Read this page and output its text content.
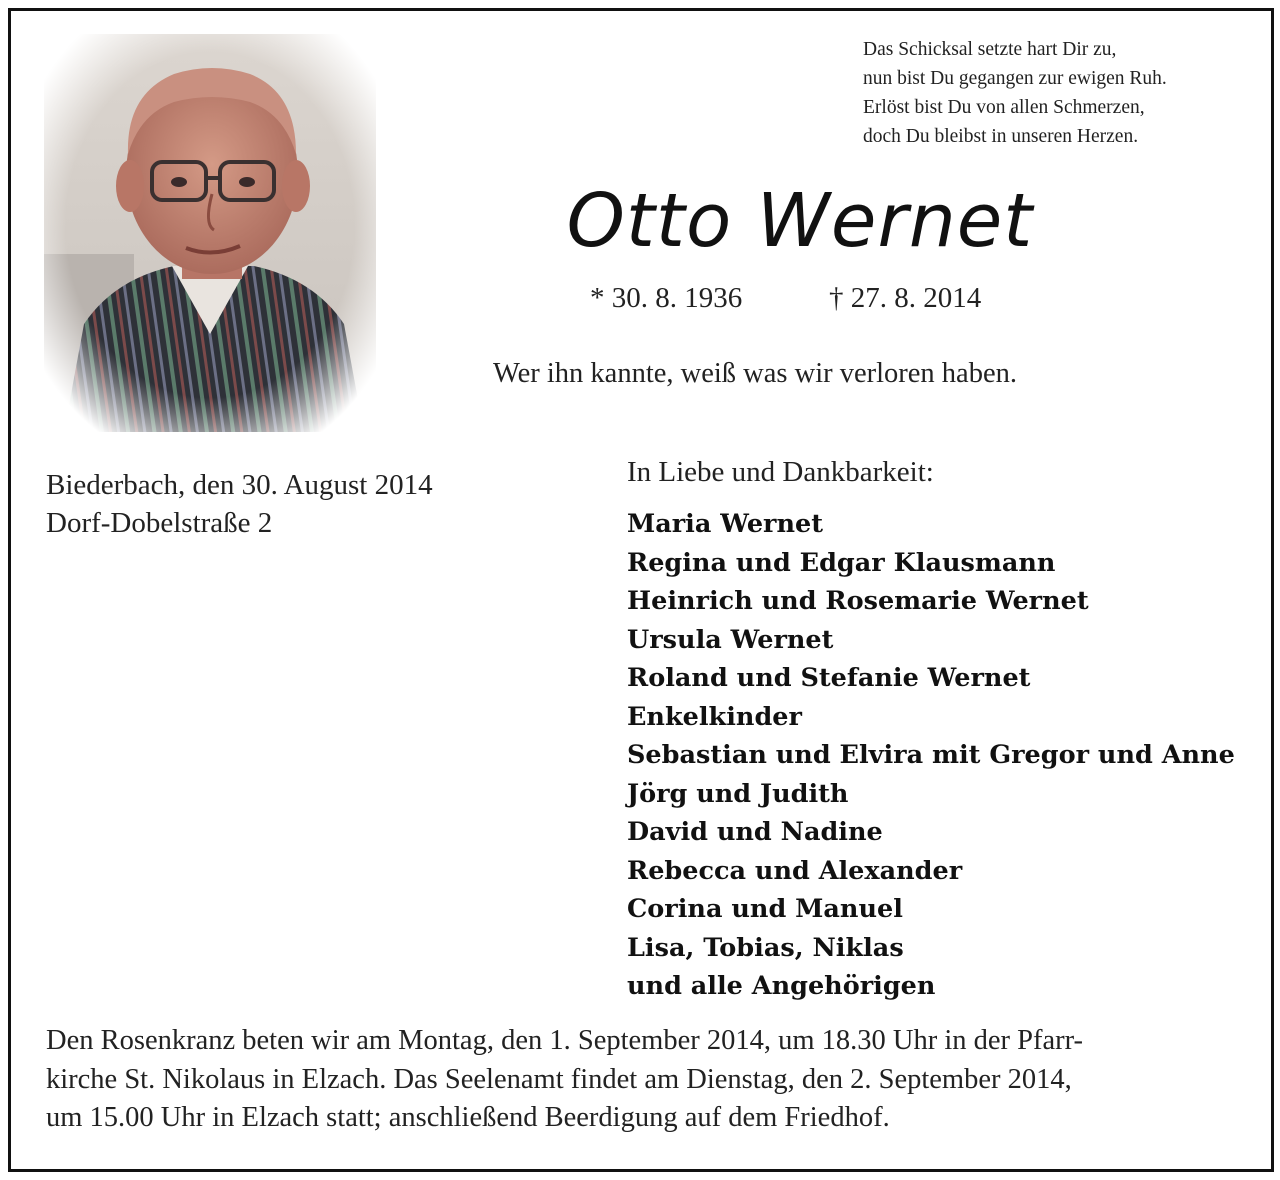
Das Schicksal setzte hart Dir zu,
nun bist Du gegangen zur ewigen Ruh.
Erlöst bist Du von allen Schmerzen,
doch Du bleibst in unseren Herzen.
Otto Wernet
* 30. 8. 1936	† 27. 8. 2014
Wer ihn kannte, weiß was wir verloren haben.
Biederbach, den 30. August 2014
Dorf-Dobelstraße 2
In Liebe und Dankbarkeit:
Maria Wernet
Regina und Edgar Klausmann
Heinrich und Rosemarie Wernet
Ursula Wernet
Roland und Stefanie Wernet
Enkelkinder
Sebastian und Elvira mit Gregor und Anne
Jörg und Judith
David und Nadine
Rebecca und Alexander
Corina und Manuel
Lisa, Tobias, Niklas
und alle Angehörigen
Den Rosenkranz beten wir am Montag, den 1. September 2014, um 18.30 Uhr in der Pfarr-
kirche St. Nikolaus in Elzach. Das Seelenamt findet am Dienstag, den 2. September 2014,
um 15.00 Uhr in Elzach statt; anschließend Beerdigung auf dem Friedhof.
